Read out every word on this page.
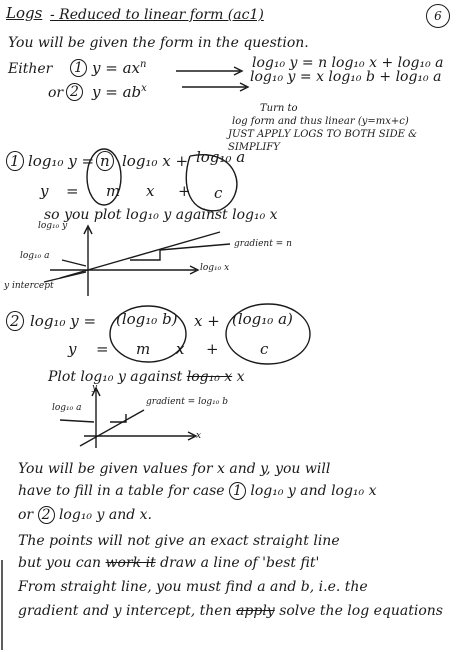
Logs - Reduced to linear form (ac1)	6
You will be given the form in the question.
Either 1 $y = ax^n$	log₁₀ y = n log₁₀ x + log₁₀ a
or 2 $y = ab^x$
log₁₀ y = x log₁₀ b + log₁₀ a
Turn to
log form and thus linear (y=mx+c)
JUST APPLY LOGS TO BOTH SIDE &
SIMPLIFY
1 log₁₀ y = n log₁₀ x + log₁₀ a
y = m x + c
so you plot log₁₀ y against log₁₀ x
log₁₀ y
log₁₀ a
y intercept
gradient = n
log₁₀ x
2 log₁₀ y = (log₁₀ b) x + (log₁₀ a)
y = m x +	c
Plot log₁₀ y against log₁₀ x x
y
log₁₀ a
gradient = log₁₀ b
x
You will be given values for x and y, you will
have to fill in a table for case 1 log₁₀ y and log₁₀ x
or 2 log₁₀ y and x.
The points will not give an exact straight line
but you can work it draw a line of 'best fit'
From straight line, you must find a and b, i.e. the
gradient and y intercept, then apply solve the log equations
